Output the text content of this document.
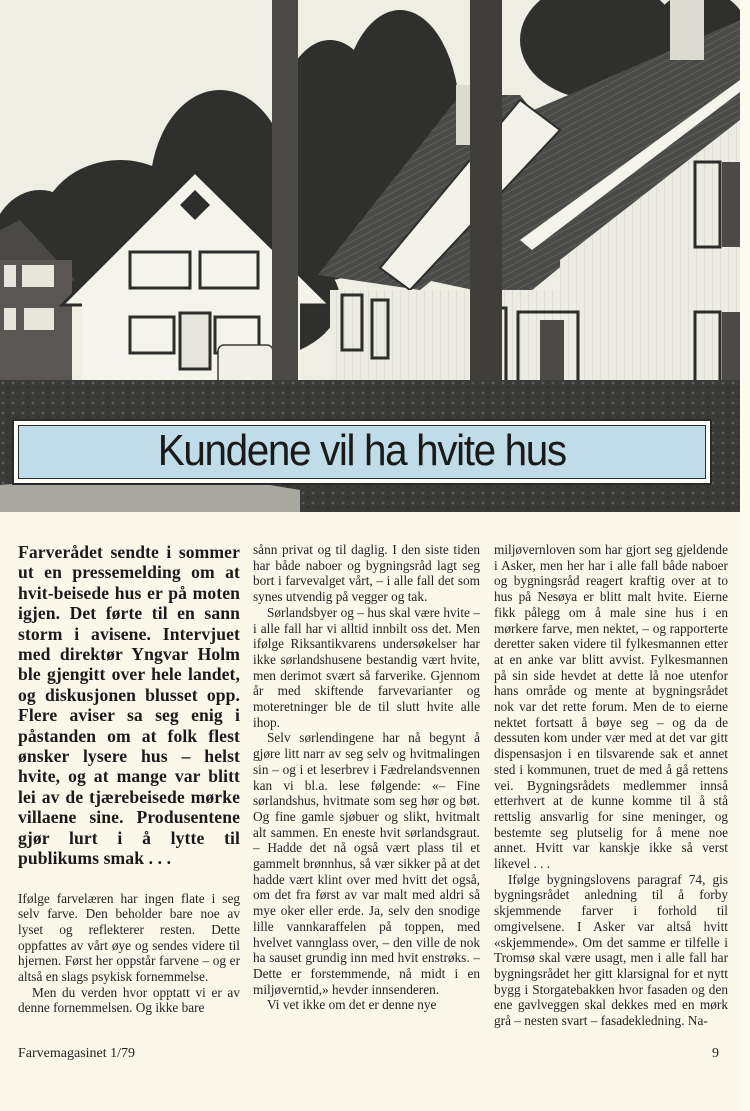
Kundene vil ha hvite hus

Farverådet sendte i sommer ut en pressemelding om at hvit-beisede hus er på moten igjen. Det førte til en sann storm i avisene. Intervjuet med direktør Yngvar Holm ble gjengitt over hele landet, og diskusjonen blusset opp. Flere aviser sa seg enig i påstanden om at folk flest ønsker lysere hus – helst hvite, og at mange var blitt lei av de tjærebeisede mørke villaene sine. Produsentene gjør lurt i å lytte til publikums smak . . .

Ifølge farvelæren har ingen flate i seg selv farve. Den beholder bare noe av lyset og reflekterer resten. Dette oppfattes av vårt øye og sendes videre til hjernen. Først her oppstår farvene – og er altså en slags psykisk fornemmelse.

Men du verden hvor opptatt vi er av denne fornemmelsen. Og ikke bare

sånn privat og til daglig. I den siste tiden har både naboer og bygningsråd lagt seg bort i farvevalget vårt, – i alle fall det som synes utvendig på vegger og tak.

Sørlandsbyer og – hus skal være hvite – i alle fall har vi alltid innbilt oss det. Men ifølge Riksantikvarens undersøkelser har ikke sørlandshusene bestandig vært hvite, men derimot svært så farverike. Gjennom år med skiftende farvevarianter og moteretninger ble de til slutt hvite alle ihop.

Selv sørlendingene har nå begynt å gjøre litt narr av seg selv og hvitmalingen sin – og i et leserbrev i Fædrelandsvennen kan vi bl.a. lese følgende: «– Fine sørlandshus, hvitmate som seg hør og bøt. Og fine gamle sjøbuer og slikt, hvitmalt alt sammen. En eneste hvit sørlandsgraut. – Hadde det nå også vært plass til et gammelt brønnhus, så vær sikker på at det hadde vært klint over med hvitt det også, om det fra først av var malt med aldri så mye oker eller erde. Ja, selv den snodige lille vannkaraffelen på toppen, med hvelvet vannglass over, – den ville de nok ha sauset grundig inn med hvit enstrøks. – Dette er forstemmende, nå midt i en miljøverntid,» hevder innsenderen.

Vi vet ikke om det er denne nye

miljøvernloven som har gjort seg gjeldende i Asker, men her har i alle fall både naboer og bygningsråd reagert kraftig over at to hus på Nesøya er blitt malt hvite. Eierne fikk pålegg om å male sine hus i en mørkere farve, men nektet, – og rapporterte deretter saken videre til fylkesmannen etter at en anke var blitt avvist. Fylkesmannen på sin side hevdet at dette lå noe utenfor hans område og mente at bygningsrådet nok var det rette forum. Men de to eierne nektet fortsatt å bøye seg – og da de dessuten kom under vær med at det var gitt dispensasjon i en tilsvarende sak et annet sted i kommunen, truet de med å gå rettens vei. Bygningsrådets medlemmer innså etterhvert at de kunne komme til å stå rettslig ansvarlig for sine meninger, og bestemte seg plutselig for å mene noe annet. Hvitt var kanskje ikke så verst likevel . . .

Ifølge bygningslovens paragraf 74, gis bygningsrådet anledning til å forby skjemmende farver i forhold til omgivelsene. I Asker var altså hvitt «skjemmende». Om det samme er tilfelle i Tromsø skal være usagt, men i alle fall har bygningsrådet her gitt klarsignal for et nytt bygg i Storgatebakken hvor fasaden og den ene gavlveggen skal dekkes med en mørk grå – nesten svart – fasadekledning. Na-

Farvemagasinet 1/79	9
